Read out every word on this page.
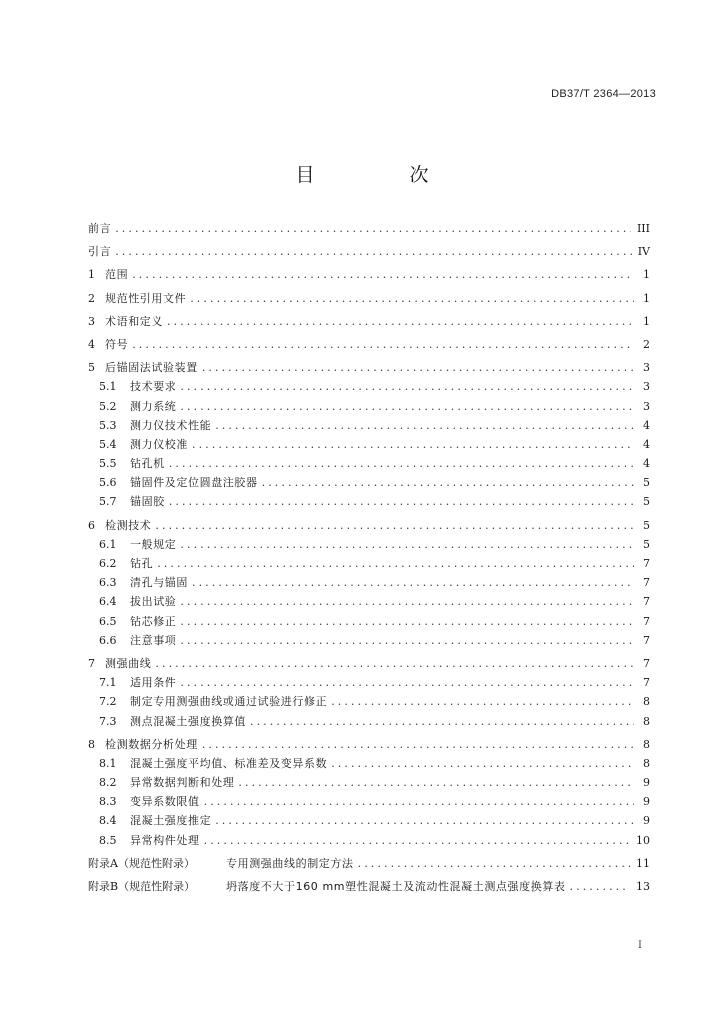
DB37/T 2364—2013
目　次
前言 . . .	III
引言 . . .	IV
1 范围 . . .	1
2 规范性引用文件 . . .	1
3 术语和定义 . . .	1
4 符号 . . .	2
5 后锚固法试验装置 . . .	3
5.1	技术要求 . . .	3
5.2	测力系统 . . .	3
5.3	测力仪技术性能 . . .	4
5.4	测力仪校准 . . .	4
5.5	钻孔机 . . .	4
5.6	锚固件及定位圆盘注胶器 . . .	5
5.7	锚固胶 . . .	5
6 检测技术 . . .	5
6.1	一般规定 . . .	5
6.2	钻孔 . . .	7
6.3	清孔与锚固 . . .	7
6.4	拔出试验 . . .	7
6.5	钻芯修正 . . .	7
6.6	注意事项 . . .	7
7 测强曲线 . . .	7
7.1	适用条件 . . .	7
7.2	制定专用测强曲线或通过试验进行修正 . . .	8
7.3	测点混凝土强度换算值 . . .	8
8 检测数据分析处理 . . .	8
8.1	混凝土强度平均值、标准差及变异系数 . . .	8
8.2	异常数据判断和处理 . . .	9
8.3	变异系数限值 . . .	9
8.4	混凝土强度推定 . . .	9
8.5	异常构件处理 . . .	10
附录A（规范性附录）	专用测强曲线的制定方法 . . .	11
附录B（规范性附录）	坍落度不大于160 mm塑性混凝土及流动性混凝土测点强度换算表 . . .	13
I
